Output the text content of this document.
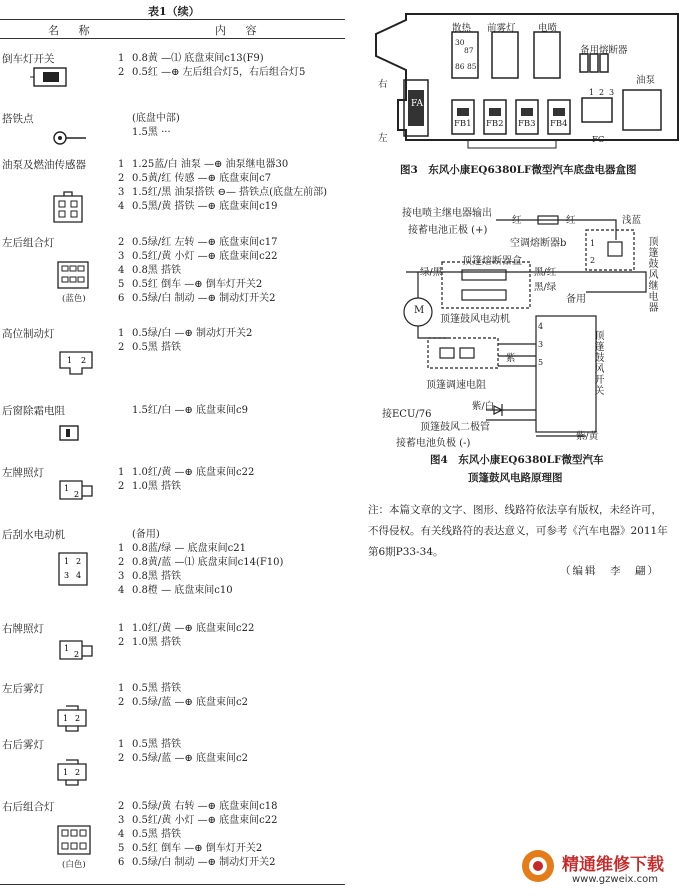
表1（续）
名 称	内 容
倒车灯开关	1 0.8黄 —⑴ 底盘束间c13(F9)
2 0.5红 —⊕ 左后组合灯5，右后组合灯5
搭铁点	(底盘中部)
1.5黑 ···
油泵及燃油传感器	1 1.25蓝/白 油泵 —⊕ 油泵继电器30
2 0.5黄/红 传感 —⊕ 底盘束间c7
3 1.5红/黑 油泵搭铁 ⊖— 搭铁点(底盘左前部)
4 0.5黑/黄 搭铁 —⊕ 底盘束间c19
左后组合灯	2 0.5绿/红 左转 —⊕ 底盘束间c17
3 0.5红/黄 小灯 —⊕ 底盘束间c22
4 0.8黑 搭铁
5 0.5红 倒车 —⊕ 倒车灯开关2
6 0.5绿/白 制动 —⊕ 制动灯开关2
高位制动灯	1 0.5绿/白 —⊕ 制动灯开关2
2 0.5黑 搭铁
后窗除霜电阻	1.5红/白 —⊕ 底盘束间c9
左牌照灯	1 1.0红/黄 —⊕ 底盘束间c22
2 1.0黑 搭铁
后刮水电动机	(备用)
1 0.8蓝/绿 — 底盘束间c21
2 0.8黄/蓝 —⑴ 底盘束间c14(F10)
3 0.8黑 搭铁
4 0.8橙 — 底盘束间c10
右牌照灯	1 1.0红/黄 —⊕ 底盘束间c22
2 1.0黑 搭铁
左后雾灯	1 0.5黑 搭铁
2 0.5绿/蓝 —⊕ 底盘束间c2
右后雾灯	1 0.5黑 搭铁
2 0.5绿/蓝 —⊕ 底盘束间c2
右后组合灯	2 0.5绿/黄 右转 —⊕ 底盘束间c18
3 0.5红/黄 小灯 —⊕ 底盘束间c22
4 0.5黑 搭铁
5 0.5红 倒车 —⊕ 倒车灯开关2
6 0.5绿/白 制动 —⊕ 制动灯开关2
(蓝色)
1 2
1
2
1 2
3 4
1
2
1 2
1 2
(白色)
散热 前雾灯 电喷
备用熔断器
油泵
右
左
FA
FB1 FB2 FB3 FB4
FC
1 2 3
30
87
86 85
图3　东风小康EQ6380LF微型汽车底盘电器盒图
接电喷主继电器输出
接蓄电池正极 (+)
红	红
空调熔断器b
浅蓝
顶篷鼓风继电器
顶篷熔断器盒
绿/黑	黑/红
黑/绿
备用
M
顶篷鼓风电动机
顶篷鼓风开关
紫
顶篷调速电阻
接ECU/76
紫/白
顶篷鼓风二极管
接蓄电池负极 (-)
紫/黄
1
2
3
4
5
图4　东风小康EQ6380LF微型汽车
顶篷鼓风电路原理图
注：本篇文章的文字、图形、线路符依法享有版权，未经许可，不得侵权。有关线路符的表达意义，可参考《汽车电器》2011年第6期P33-34。
（编辑　李　翩）
精通维修下载
www.gzweix.com
